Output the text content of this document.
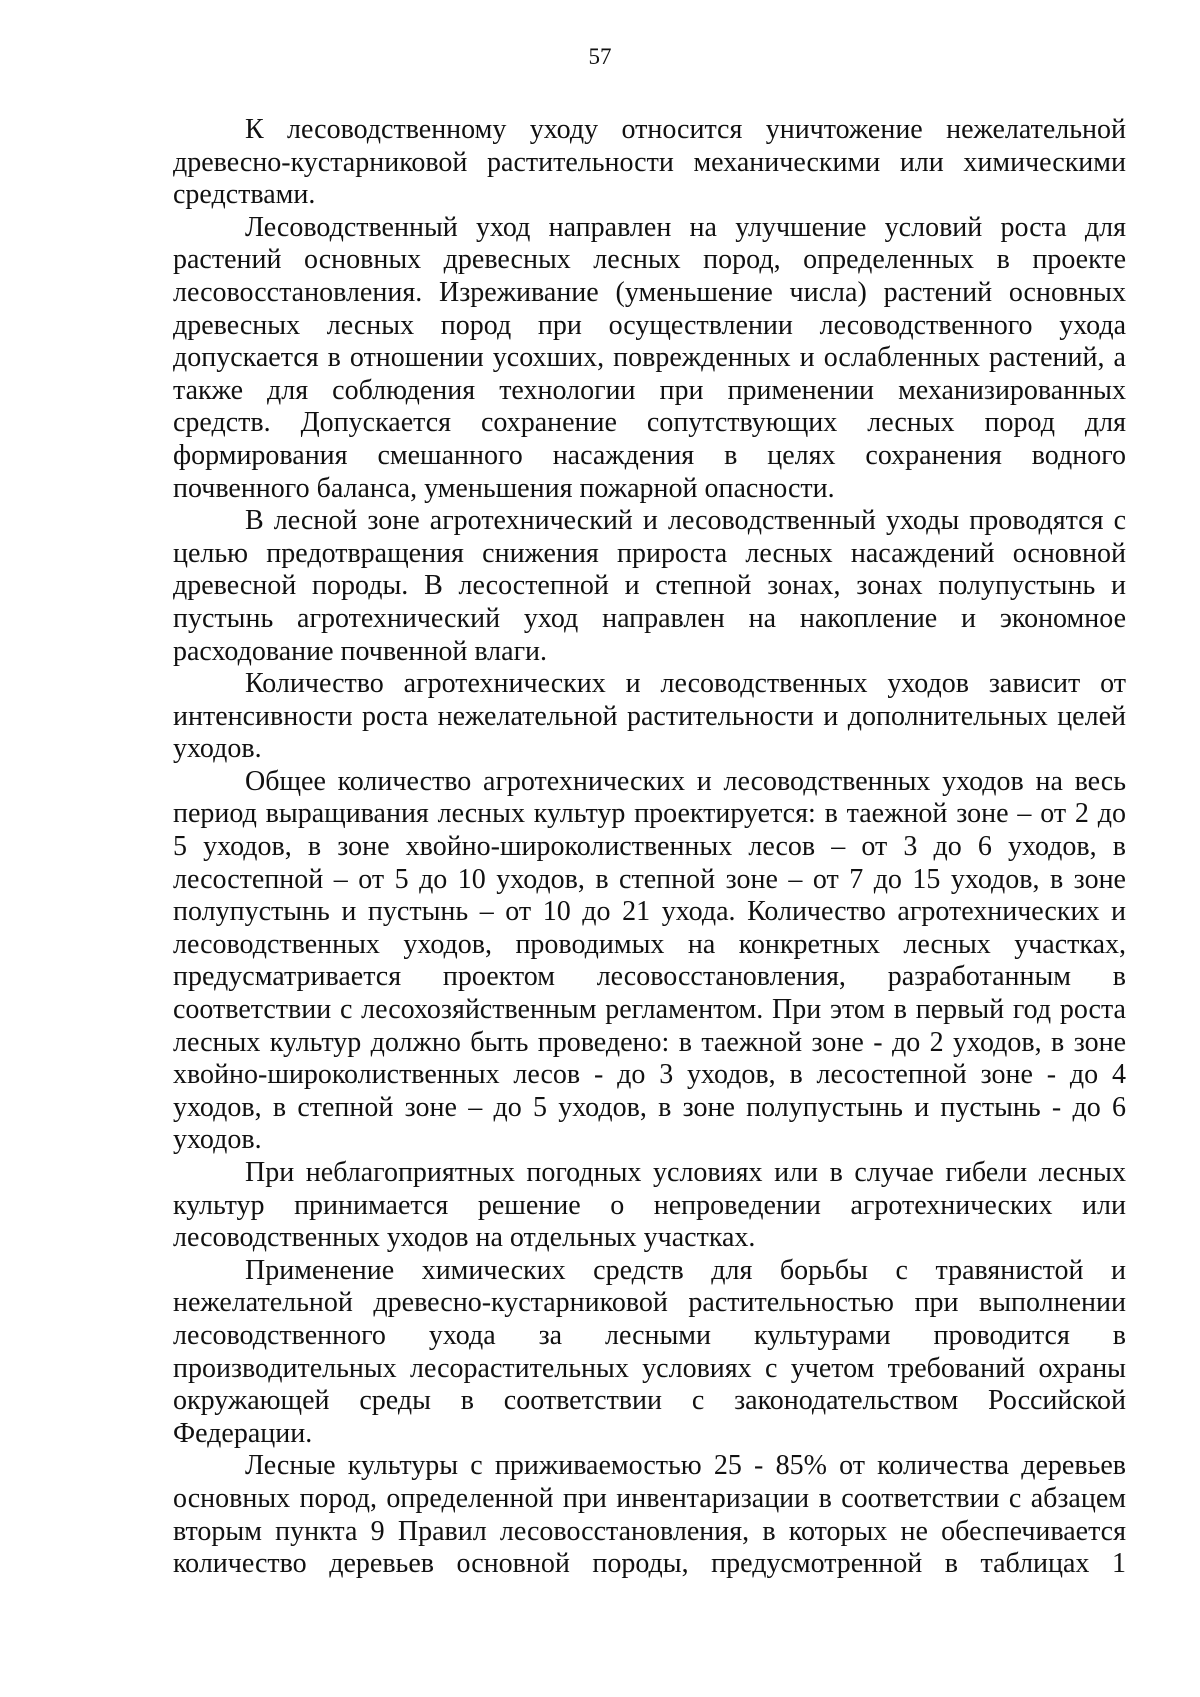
57

К лесоводственному уходу относится уничтожение нежелательной древесно-кустарниковой растительности механическими или химическими средствами.

Лесоводственный уход направлен на улучшение условий роста для растений основных древесных лесных пород, определенных в проекте лесовосстановления. Изреживание (уменьшение числа) растений основных древесных лесных пород при осуществлении лесоводственного ухода допускается в отношении усохших, поврежденных и ослабленных растений, а также для соблюдения технологии при применении механизированных средств. Допускается сохранение сопутствующих лесных пород для формирования смешанного насаждения в целях сохранения водного почвенного баланса, уменьшения пожарной опасности.

В лесной зоне агротехнический и лесоводственный уходы проводятся с целью предотвращения снижения прироста лесных насаждений основной древесной породы. В лесостепной и степной зонах, зонах полупустынь и пустынь агротехнический уход направлен на накопление и экономное расходование почвенной влаги.

Количество агротехнических и лесоводственных уходов зависит от интенсивности роста нежелательной растительности и дополнительных целей уходов.

Общее количество агротехнических и лесоводственных уходов на весь период выращивания лесных культур проектируется: в таежной зоне – от 2 до 5 уходов, в зоне хвойно-широколиственных лесов – от 3 до 6 уходов, в лесостепной – от 5 до 10 уходов, в степной зоне – от 7 до 15 уходов, в зоне полупустынь и пустынь – от 10 до 21 ухода. Количество агротехнических и лесоводственных уходов, проводимых на конкретных лесных участках, предусматривается проектом лесовосстановления, разработанным в соответствии с лесохозяйственным регламентом. При этом в первый год роста лесных культур должно быть проведено: в таежной зоне - до 2 уходов, в зоне хвойно-широколиственных лесов - до 3 уходов, в лесостепной зоне - до 4 уходов, в степной зоне – до 5 уходов, в зоне полупустынь и пустынь - до 6 уходов.

При неблагоприятных погодных условиях или в случае гибели лесных культур принимается решение о непроведении агротехнических или лесоводственных уходов на отдельных участках.

Применение химических средств для борьбы с травянистой и нежелательной древесно-кустарниковой растительностью при выполнении лесоводственного ухода за лесными культурами проводится в производительных лесорастительных условиях с учетом требований охраны окружающей среды в соответствии с законодательством Российской Федерации.

Лесные культуры с приживаемостью 25 - 85% от количества деревьев основных пород, определенной при инвентаризации в соответствии с абзацем вторым пункта 9 Правил лесовосстановления, в которых не обеспечивается количество деревьев основной породы, предусмотренной в таблицах 1
